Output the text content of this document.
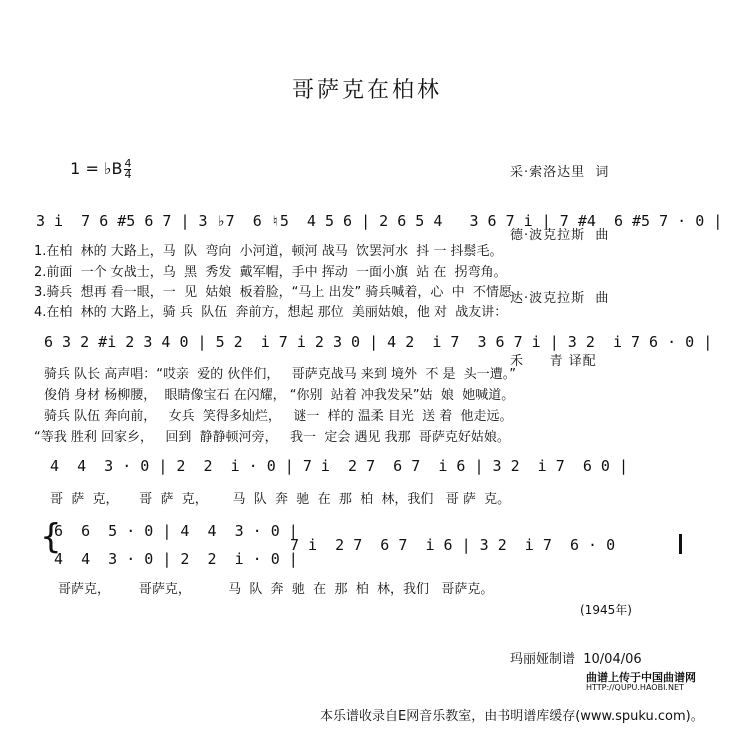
哥萨克在柏林

1 = ♭B $\frac{4}{4}$

	采·索洛达里  词

德·波克拉斯  曲

达·波克拉斯  曲

禾     青 译配

3 i  7 6 #5 6 7 | 3 ♭7  6 ♮5  4 5 6 | 2 6 5 4   3 6 7 i | 7 #4  6 #5 7 · 0 |
1.在柏  林的 大路上，马  队  弯向  小河道，顿河 战马  饮罢河水  抖 一 抖鬃毛。
2.前面  一个 女战士，乌  黑  秀发  戴军帽，手中 挥动  一面小旗  站 在  拐弯角。
3.骑兵  想再 看一眼，一  见  姑娘  板着脸，“马上 出发” 骑兵喊着，心  中  不情愿。
4.在柏  林的 大路上，骑 兵  队伍  奔前方，想起 那位  美丽姑娘，他 对  战友讲：
6 3 2 #i 2 3 4 0 | 5 2  i 7 i 2 3 0 | 4 2  i 7  3 6 7 i | 3 2  i 7 6 · 0 |
骑兵 队长 高声唱：“哎亲  爱的 伙伴们，   哥萨克战马 来到 境外  不 是  头一遭。”
俊俏 身材 杨柳腰，  眼睛像宝石 在闪耀， “你别  站着 冲我发呆”姑  娘  她喊道。
骑兵 队伍 奔向前，   女兵  笑得多灿烂，   谜一  样的 温柔 目光  送 着  他走远。
“等我 胜利 回家乡，   回到  静静顿河旁，   我一  定会 遇见 我那  哥萨克好姑娘。
4  4  3 · 0 | 2  2  i · 0 | 7 i  2 7  6 7  i 6 | 3 2  i 7  6 0 |
哥  萨  克，     哥  萨  克，      马  队  奔  驰  在  那  柏  林，我们   哥 萨  克。
{
6  6  5 · 0 | 4  4  3 · 0 |
4  4  3 · 0 | 2  2  i · 0 |
7 i  2 7  6 7  i 6 | 3 2  i 7  6 · 0
哥萨克，       哥萨克，         马  队  奔  驰  在  那  柏  林，我们   哥萨克。
(1945年)
玛丽娅制谱  10/04/06
曲谱上传于中国曲谱网
HTTP://QUPU.HAOBI.NET
本乐谱收录自E网音乐教室，由书明谱库缓存(www.spuku.com)。
